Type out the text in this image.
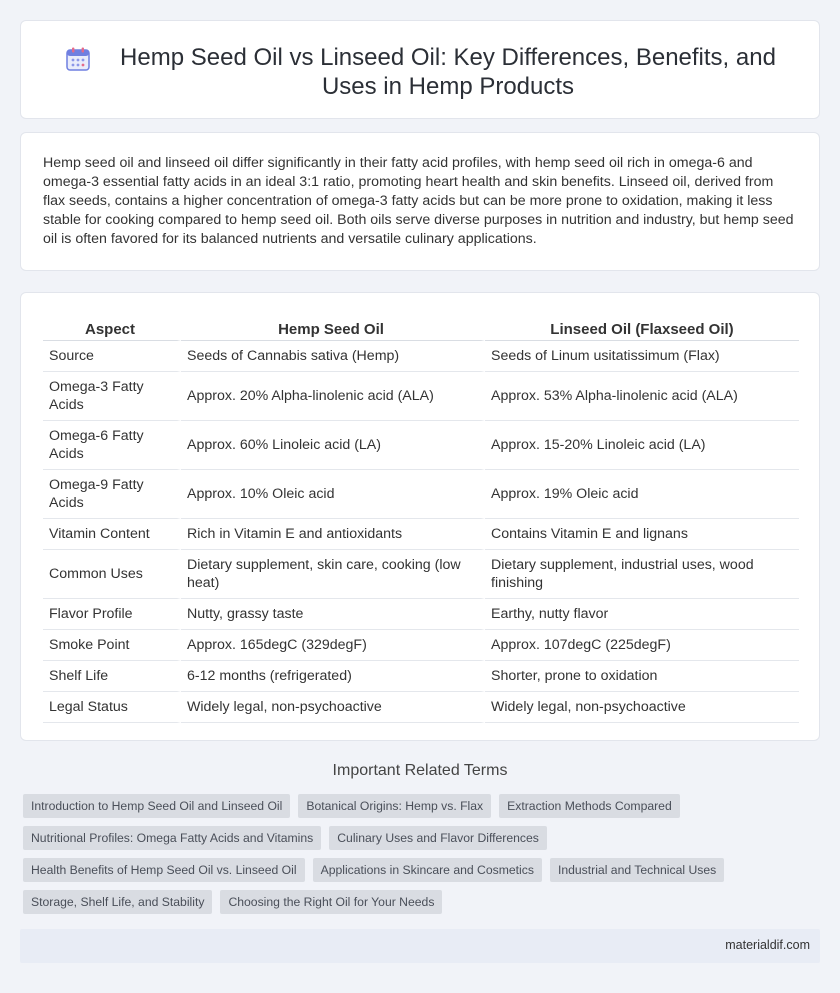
Hemp Seed Oil vs Linseed Oil: Key Differences, Benefits, and Uses in Hemp Products

Hemp seed oil and linseed oil differ significantly in their fatty acid profiles, with hemp seed oil rich in omega-6 and omega-3 essential fatty acids in an ideal 3:1 ratio, promoting heart health and skin benefits. Linseed oil, derived from flax seeds, contains a higher concentration of omega-3 fatty acids but can be more prone to oxidation, making it less stable for cooking compared to hemp seed oil. Both oils serve diverse purposes in nutrition and industry, but hemp seed oil is often favored for its balanced nutrients and versatile culinary applications.

Aspect	Hemp Seed Oil	Linseed Oil (Flaxseed Oil)
Source	Seeds of Cannabis sativa (Hemp)	Seeds of Linum usitatissimum (Flax)
Omega-3 Fatty Acids	Approx. 20% Alpha-linolenic acid (ALA)	Approx. 53% Alpha-linolenic acid (ALA)
Omega-6 Fatty Acids	Approx. 60% Linoleic acid (LA)	Approx. 15-20% Linoleic acid (LA)
Omega-9 Fatty Acids	Approx. 10% Oleic acid	Approx. 19% Oleic acid
Vitamin Content	Rich in Vitamin E and antioxidants	Contains Vitamin E and lignans
Common Uses	Dietary supplement, skin care, cooking (low heat)	Dietary supplement, industrial uses, wood finishing
Flavor Profile	Nutty, grassy taste	Earthy, nutty flavor
Smoke Point	Approx. 165degC (329degF)	Approx. 107degC (225degF)
Shelf Life	6-12 months (refrigerated)	Shorter, prone to oxidation
Legal Status	Widely legal, non-psychoactive	Widely legal, non-psychoactive
Important Related Terms
Introduction to Hemp Seed Oil and Linseed Oil	Botanical Origins: Hemp vs. Flax	Extraction Methods Compared
Nutritional Profiles: Omega Fatty Acids and Vitamins	Culinary Uses and Flavor Differences
Health Benefits of Hemp Seed Oil vs. Linseed Oil	Applications in Skincare and Cosmetics	Industrial and Technical Uses
Storage, Shelf Life, and Stability	Choosing the Right Oil for Your Needs
materialdif.com
